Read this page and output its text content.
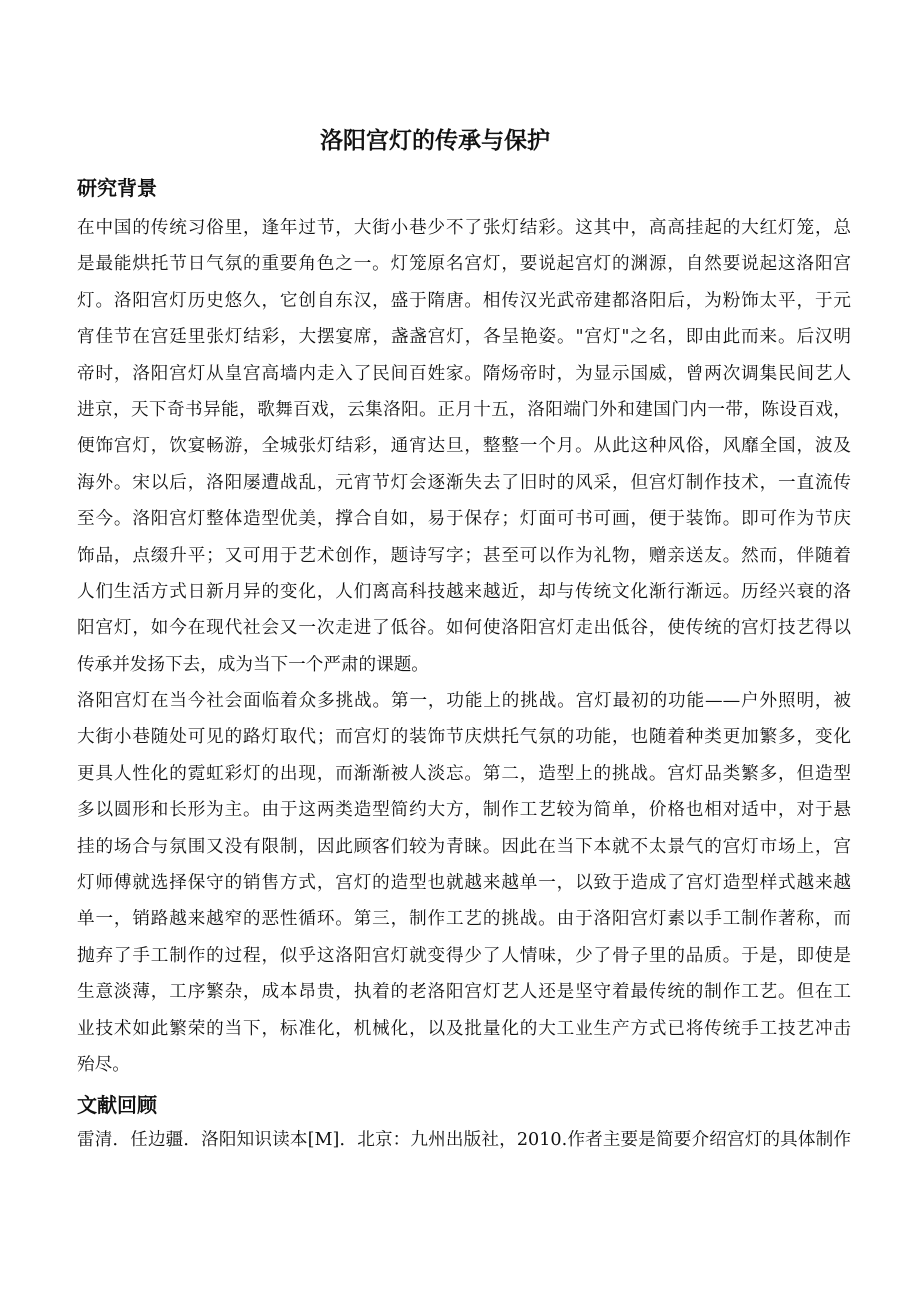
洛阳宫灯的传承与保护
研究背景
在中国的传统习俗里，逢年过节，大街小巷少不了张灯结彩。这其中，高高挂起的大红灯笼，总
是最能烘托节日气氛的重要角色之一。灯笼原名宫灯，要说起宫灯的渊源，自然要说起这洛阳宫
灯。洛阳宫灯历史悠久，它创自东汉，盛于隋唐。相传汉光武帝建都洛阳后，为粉饰太平，于元
宵佳节在宫廷里张灯结彩，大摆宴席，盏盏宫灯，各呈艳姿。"宫灯"之名，即由此而来。后汉明
帝时，洛阳宫灯从皇宫高墙内走入了民间百姓家。隋炀帝时，为显示国威，曾两次调集民间艺人
进京，天下奇书异能，歌舞百戏，云集洛阳。正月十五，洛阳端门外和建国门内一带，陈设百戏，
便饰宫灯，饮宴畅游，全城张灯结彩，通宵达旦，整整一个月。从此这种风俗，风靡全国，波及
海外。宋以后，洛阳屡遭战乱，元宵节灯会逐渐失去了旧时的风采，但宫灯制作技术，一直流传
至今。洛阳宫灯整体造型优美，撑合自如，易于保存；灯面可书可画，便于装饰。即可作为节庆
饰品，点缀升平；又可用于艺术创作，题诗写字；甚至可以作为礼物，赠亲送友。然而，伴随着
人们生活方式日新月异的变化，人们离高科技越来越近，却与传统文化渐行渐远。历经兴衰的洛
阳宫灯，如今在现代社会又一次走进了低谷。如何使洛阳宫灯走出低谷，使传统的宫灯技艺得以
传承并发扬下去，成为当下一个严肃的课题。
洛阳宫灯在当今社会面临着众多挑战。第一，功能上的挑战。宫灯最初的功能——户外照明，被
大街小巷随处可见的路灯取代；而宫灯的装饰节庆烘托气氛的功能，也随着种类更加繁多，变化
更具人性化的霓虹彩灯的出现，而渐渐被人淡忘。第二，造型上的挑战。宫灯品类繁多，但造型
多以圆形和长形为主。由于这两类造型简约大方，制作工艺较为简单，价格也相对适中，对于悬
挂的场合与氛围又没有限制，因此顾客们较为青睐。因此在当下本就不太景气的宫灯市场上，宫
灯师傅就选择保守的销售方式，宫灯的造型也就越来越单一，以致于造成了宫灯造型样式越来越
单一，销路越来越窄的恶性循环。第三，制作工艺的挑战。由于洛阳宫灯素以手工制作著称，而
抛弃了手工制作的过程，似乎这洛阳宫灯就变得少了人情味，少了骨子里的品质。于是，即使是
生意淡薄，工序繁杂，成本昂贵，执着的老洛阳宫灯艺人还是坚守着最传统的制作工艺。但在工
业技术如此繁荣的当下，标准化，机械化，以及批量化的大工业生产方式已将传统手工技艺冲击
殆尽。
文献回顾
雷清．任边疆．洛阳知识读本[M]．北京：九州出版社，2010.作者主要是简要介绍宫灯的具体制作
